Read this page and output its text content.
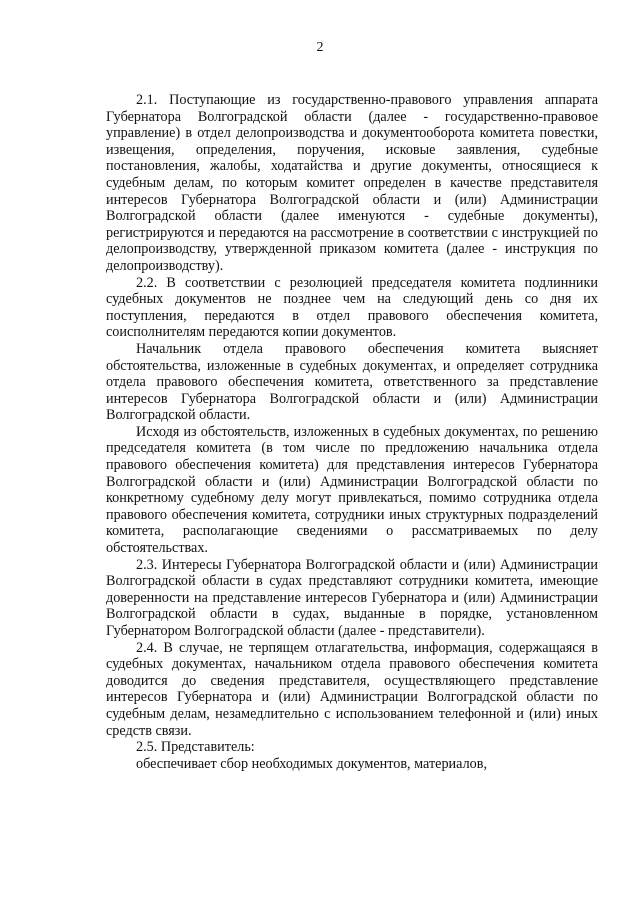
2

2.1. Поступающие из государственно-правового управления аппарата Губернатора Волгоградской области (далее - государственно-правовое управление) в отдел делопроизводства и документооборота комитета повестки, извещения, определения, поручения, исковые заявления, судебные постановления, жалобы, ходатайства и другие документы, относящиеся к судебным делам, по которым комитет определен в качестве представителя интересов Губернатора Волгоградской области и (или) Администрации Волгоградской области (далее именуются - судебные документы), регистрируются и передаются на рассмотрение в соответствии с инструкцией по делопроизводству, утвержденной приказом комитета (далее - инструкция по делопроизводству).

2.2. В соответствии с резолюцией председателя комитета подлинники судебных документов не позднее чем на следующий день со дня их поступления, передаются в отдел правового обеспечения комитета, соисполнителям передаются копии документов.

Начальник отдела правового обеспечения комитета выясняет обстоятельства, изложенные в судебных документах, и определяет сотрудника отдела правового обеспечения комитета, ответственного за представление интересов Губернатора Волгоградской области и (или) Администрации Волгоградской области.

Исходя из обстоятельств, изложенных в судебных документах, по решению председателя комитета (в том числе по предложению начальника отдела правового обеспечения комитета) для представления интересов Губернатора Волгоградской области и (или) Администрации Волгоградской области по конкретному судебному делу могут привлекаться, помимо сотрудника отдела правового обеспечения комитета, сотрудники иных структурных подразделений комитета, располагающие сведениями о рассматриваемых по делу обстоятельствах.

2.3. Интересы Губернатора Волгоградской области и (или) Администрации Волгоградской области в судах представляют сотрудники комитета, имеющие доверенности на представление интересов Губернатора и (или) Администрации Волгоградской области в судах, выданные в порядке, установленном Губернатором Волгоградской области (далее - представители).

2.4. В случае, не терпящем отлагательства, информация, содержащаяся в судебных документах, начальником отдела правового обеспечения комитета доводится до сведения представителя, осуществляющего представление интересов Губернатора и (или) Администрации Волгоградской области по судебным делам, незамедлительно с использованием телефонной и (или) иных средств связи.

2.5. Представитель:

обеспечивает сбор необходимых документов, материалов,
